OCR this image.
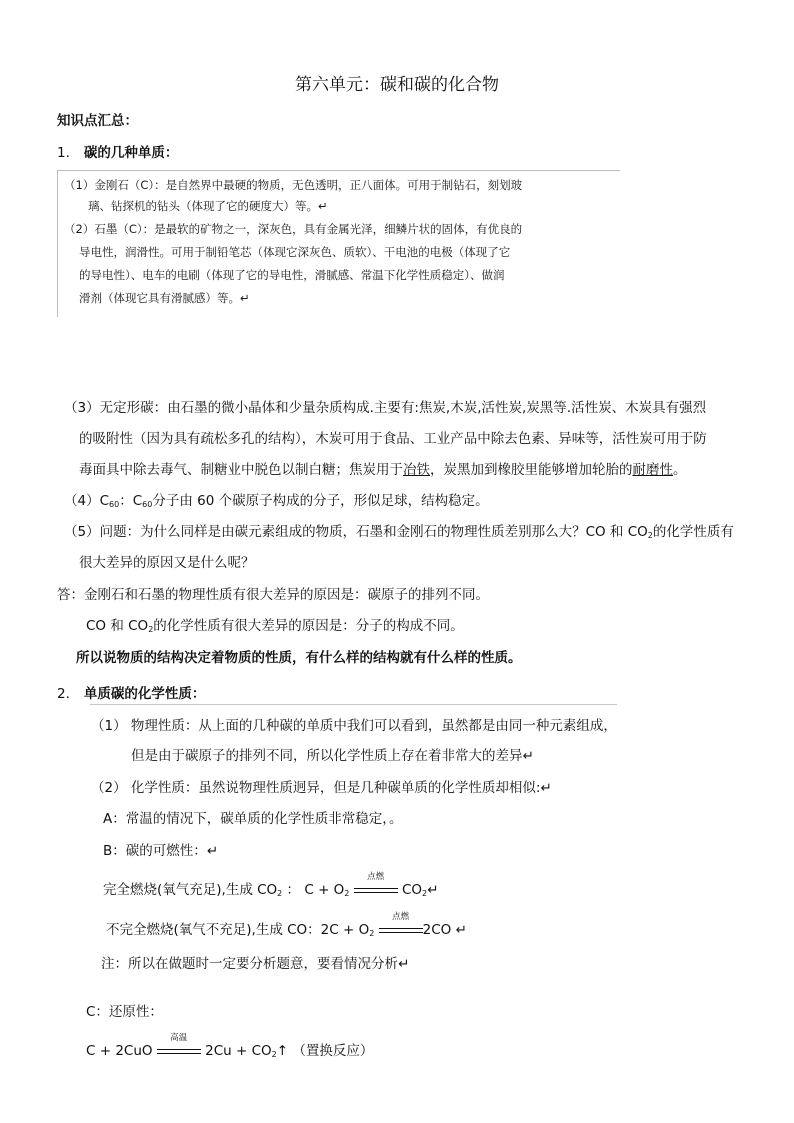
第六单元：碳和碳的化合物
知识点汇总：
1. 碳的几种单质：
（1）金刚石（C）：是自然界中最硬的物质，无色透明，正八面体。可用于制钻石，刻划玻
璃、钻探机的钻头（体现了它的硬度大）等。↵
（2）石墨（C）：是最软的矿物之一，深灰色，具有金属光泽，细鳞片状的固体，有优良的
导电性，润滑性。可用于制铅笔芯（体现它深灰色、质软）、干电池的电极（体现了它
的导电性）、电车的电刷（体现了它的导电性，滑腻感、常温下化学性质稳定）、做润
滑剂（体现它具有滑腻感）等。↵
（3）无定形碳：由石墨的微小晶体和少量杂质构成.主要有:焦炭,木炭,活性炭,炭黑等.活性炭、木炭具有强烈
的吸附性（因为具有疏松多孔的结构），木炭可用于食品、工业产品中除去色素、异味等，活性炭可用于防
毒面具中除去毒气、制糖业中脱色以制白糖；焦炭用于冶铁，炭黑加到橡胶里能够增加轮胎的耐磨性。
$(4)C_{60}$：$C_{60}$分子由 60 个碳原子构成的分子，形似足球，结构稳定。
（5）问题：为什么同样是由碳元素组成的物质，石墨和金刚石的物理性质差别那么大？CO 和 $CO_2$的化学性质有
很大差异的原因又是什么呢？
答：金刚石和石墨的物理性质有很大差异的原因是：碳原子的排列不同。
CO 和 $CO_2$的化学性质有很大差异的原因是：分子的构成不同。
所以说物质的结构决定着物质的性质，有什么样的结构就有什么样的性质。
2. 单质碳的化学性质：
（1） 物理性质：从上面的几种碳的单质中我们可以看到，虽然都是由同一种元素组成，
但是由于碳原子的排列不同，所以化学性质上存在着非常大的差异↵
（2） 化学性质：虽然说物理性质迥异，但是几种碳单质的化学性质却相似:↵
A：常温的情况下，碳单质的化学性质非常稳定，。
B：碳的可燃性：↵
完全燃烧(氧气充足),生成 $CO_2$ ： $C + O_2$
点燃
$CO_2↵$
不完全燃烧(氧气不充足),生成 CO：$2C + O_2$
点燃
2CO ↵
注：所以在做题时一定要分析题意，要看情况分析↵
C：还原性：
C + 2CuO
高温
$2Cu + CO_2↑$ （置换反应）
